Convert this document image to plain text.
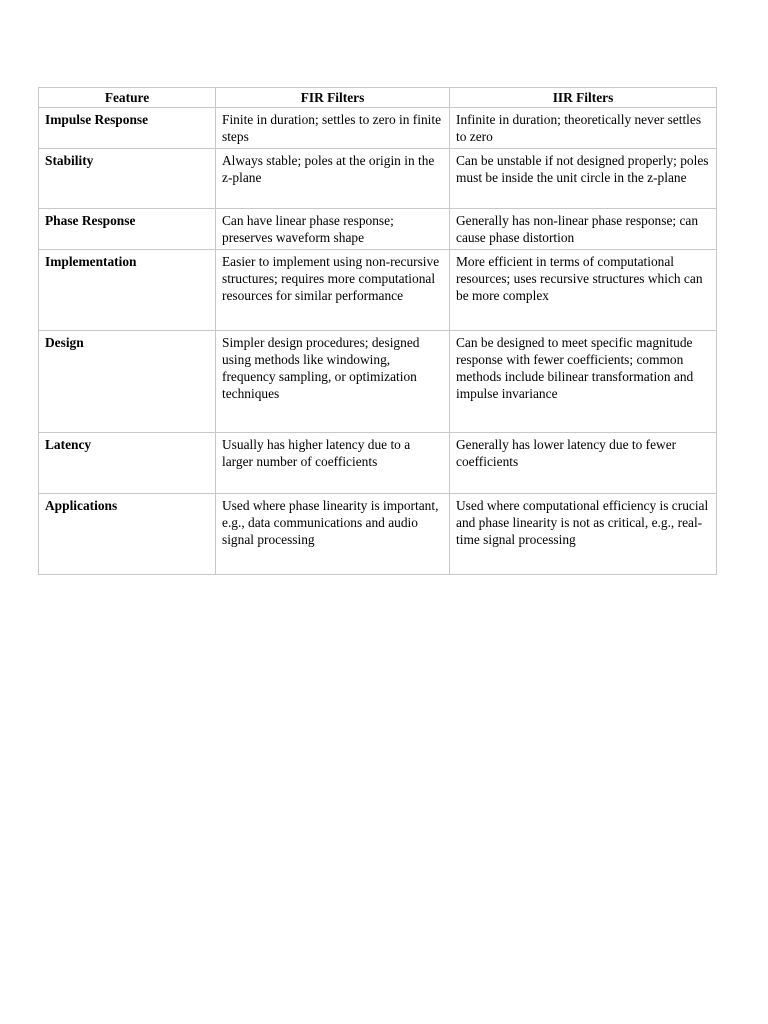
Feature	FIR Filters	IIR Filters
Impulse Response	Finite in duration; settles to zero in finite steps	Infinite in duration; theoretically never settles to zero
Stability	Always stable; poles at the origin in the z-plane	Can be unstable if not designed properly; poles must be inside the unit circle in the z-plane
Phase Response	Can have linear phase response; preserves waveform shape	Generally has non-linear phase response; can cause phase distortion
Implementation	Easier to implement using non-recursive structures; requires more computational resources for similar performance	More efficient in terms of computational resources; uses recursive structures which can be more complex
Design	Simpler design procedures; designed using methods like windowing, frequency sampling, or optimization techniques	Can be designed to meet specific magnitude response with fewer coefficients; common methods include bilinear transformation and impulse invariance
Latency	Usually has higher latency due to a larger number of coefficients	Generally has lower latency due to fewer coefficients
Applications	Used where phase linearity is important, e.g., data communications and audio signal processing	Used where computational efficiency is crucial and phase linearity is not as critical, e.g., real-time signal processing
